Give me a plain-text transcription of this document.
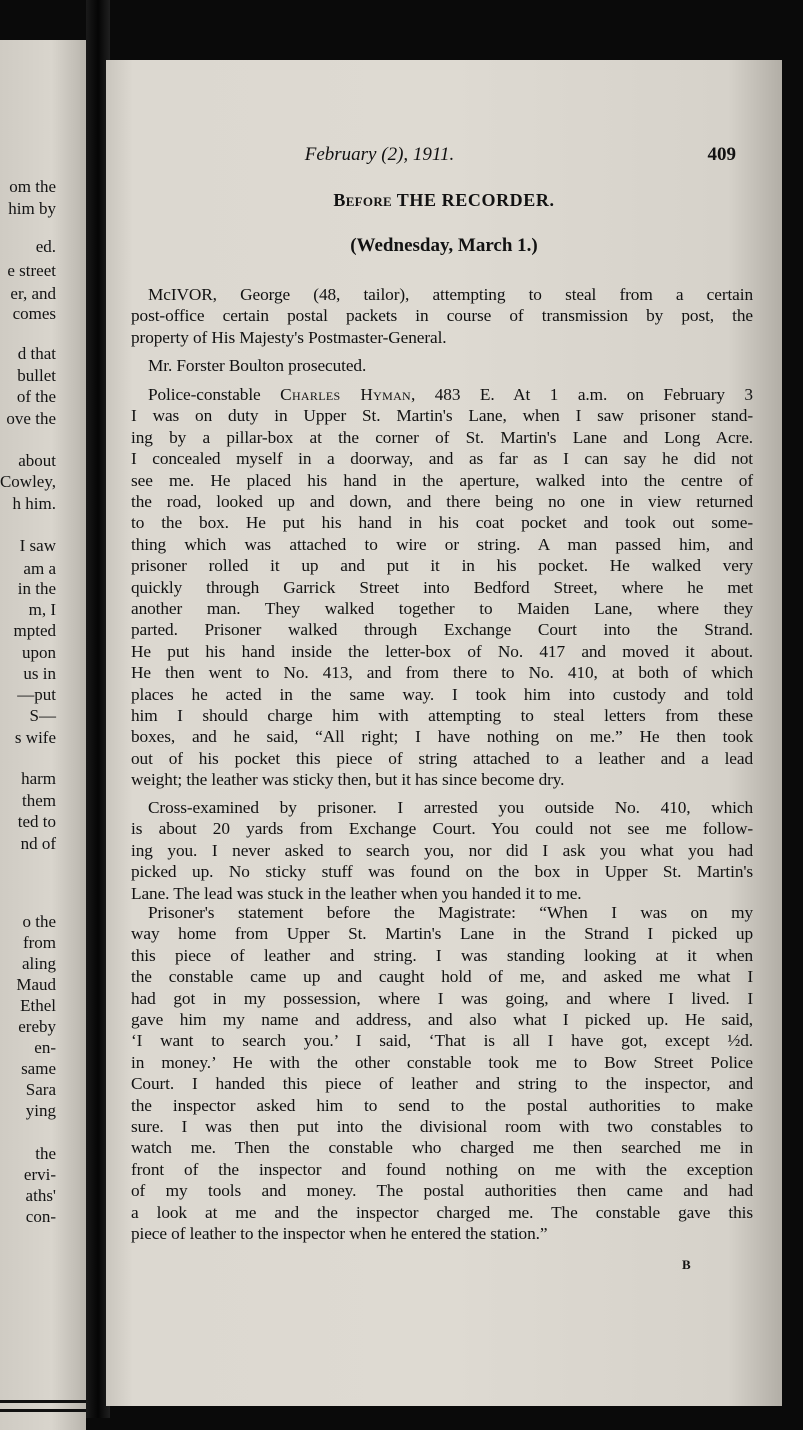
om the
him by
ed.
e street
er, and
comes
d that
bullet
of the
ove the
about
Cowley,
h him.
I saw
am a
in the
m, I
mpted
upon
us in
—put
S—
s wife
harm
them
ted to
nd of
o the
from
aling
Maud
Ethel
ereby
en-
same
Sara
ying
the
ervi-
aths'
con-
February (2), 1911.	409
Before THE RECORDER.
(Wednesday, March 1.)
McIVOR, George (48, tailor), attempting to steal from a certain
post-office certain postal packets in course of transmission by post, the
property of His Majesty's Postmaster-General.
Mr. Forster Boulton prosecuted.
Police-constable Charles Hyman, 483 E. At 1 a.m. on February 3
I was on duty in Upper St. Martin's Lane, when I saw prisoner stand-
ing by a pillar-box at the corner of St. Martin's Lane and Long Acre.
I concealed myself in a doorway, and as far as I can say he did not
see me. He placed his hand in the aperture, walked into the centre of
the road, looked up and down, and there being no one in view returned
to the box. He put his hand in his coat pocket and took out some-
thing which was attached to wire or string. A man passed him, and
prisoner rolled it up and put it in his pocket. He walked very
quickly through Garrick Street into Bedford Street, where he met
another man. They walked together to Maiden Lane, where they
parted. Prisoner walked through Exchange Court into the Strand.
He put his hand inside the letter-box of No. 417 and moved it about.
He then went to No. 413, and from there to No. 410, at both of which
places he acted in the same way. I took him into custody and told
him I should charge him with attempting to steal letters from these
boxes, and he said, “All right; I have nothing on me.” He then took
out of his pocket this piece of string attached to a leather and a lead
weight; the leather was sticky then, but it has since become dry.
Cross-examined by prisoner. I arrested you outside No. 410, which
is about 20 yards from Exchange Court. You could not see me follow-
ing you. I never asked to search you, nor did I ask you what you had
picked up. No sticky stuff was found on the box in Upper St. Martin's
Lane. The lead was stuck in the leather when you handed it to me.
Prisoner's statement before the Magistrate: “When I was on my
way home from Upper St. Martin's Lane in the Strand I picked up
this piece of leather and string. I was standing looking at it when
the constable came up and caught hold of me, and asked me what I
had got in my possession, where I was going, and where I lived. I
gave him my name and address, and also what I picked up. He said,
‘I want to search you.’ I said, ‘That is all I have got, except ½d.
in money.’ He with the other constable took me to Bow Street Police
Court. I handed this piece of leather and string to the inspector, and
the inspector asked him to send to the postal authorities to make
sure. I was then put into the divisional room with two constables to
watch me. Then the constable who charged me then searched me in
front of the inspector and found nothing on me with the exception
of my tools and money. The postal authorities then came and had
a look at me and the inspector charged me. The constable gave this
piece of leather to the inspector when he entered the station.”
B
